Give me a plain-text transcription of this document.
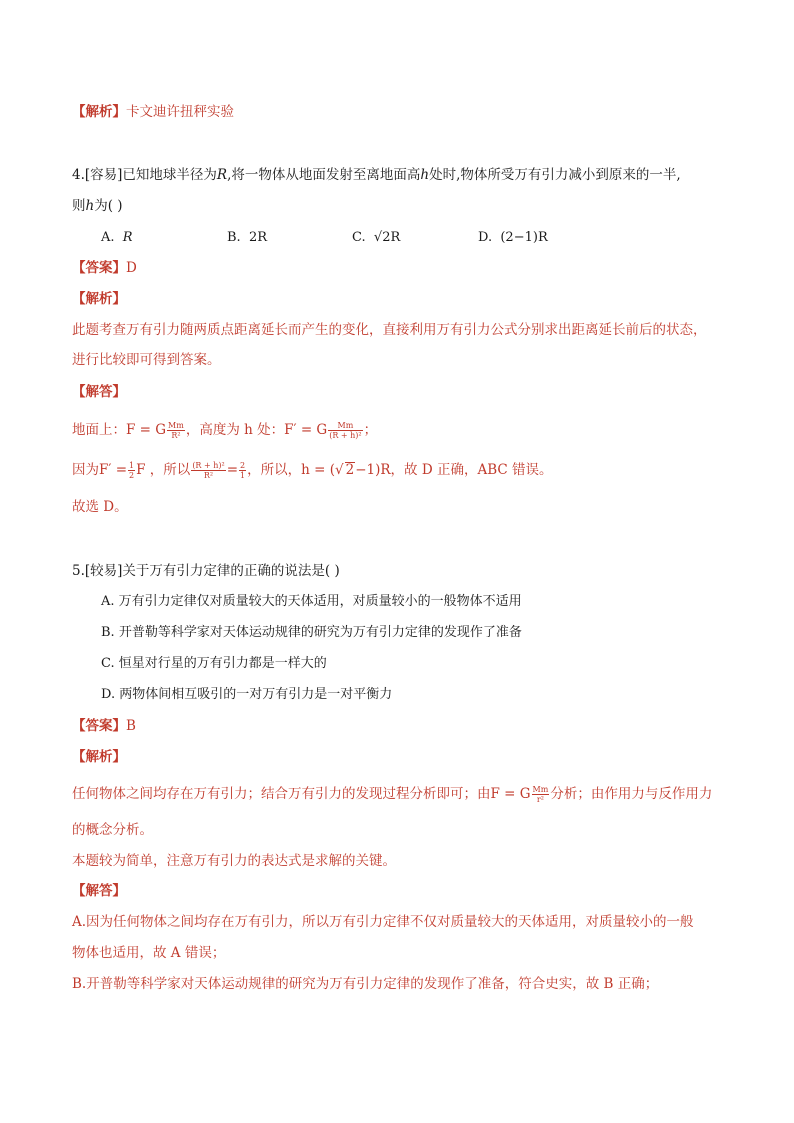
【解析】卡文迪许扭秤实验
4.[容易]已知地球半径为R,将一物体从地面发射至离地面高h处时,物体所受万有引力减小到原来的一半,
则h为( )
A. R	B. 2R	C. √2R	D. (2−1)R
【答案】D
【解析】
此题考查万有引力随两质点距离延长而产生的变化，直接利用万有引力公式分别求出距离延长前后的状态，
进行比较即可得到答案。
【解答】
地面上：F = G $\frac{Mm}{\text{R²}}$ ，高度为 h 处：F′ = G $\frac{Mm}{\text{(R + h)²}}$ ；
因为$F' = \frac{1}{2}$ F ，所以 $\frac{\text{(R + h)²}}{\text{R²}} = \frac{2}{1}$ ，所以，h = (√ 2−1)R，故 D 正确，ABC 错误。
故选 D。
5.[较易]关于万有引力定律的正确的说法是( )
A. 万有引力定律仅对质量较大的天体适用，对质量较小的一般物体不适用
B. 开普勒等科学家对天体运动规律的研究为万有引力定律的发现作了准备
C. 恒星对行星的万有引力都是一样大的
D. 两物体间相互吸引的一对万有引力是一对平衡力
【答案】B
【解析】
任何物体之间均存在万有引力；结合万有引力的发现过程分析即可；由F = G $\frac{Mm}{\text{r²}}$ 分析；由作用力与反作用力
的概念分析。
本题较为简单，注意万有引力的表达式是求解的关键。
【解答】
A.因为任何物体之间均存在万有引力，所以万有引力定律不仅对质量较大的天体适用，对质量较小的一般
物体也适用，故 A 错误；
B.开普勒等科学家对天体运动规律的研究为万有引力定律的发现作了准备，符合史实，故 B 正确；
